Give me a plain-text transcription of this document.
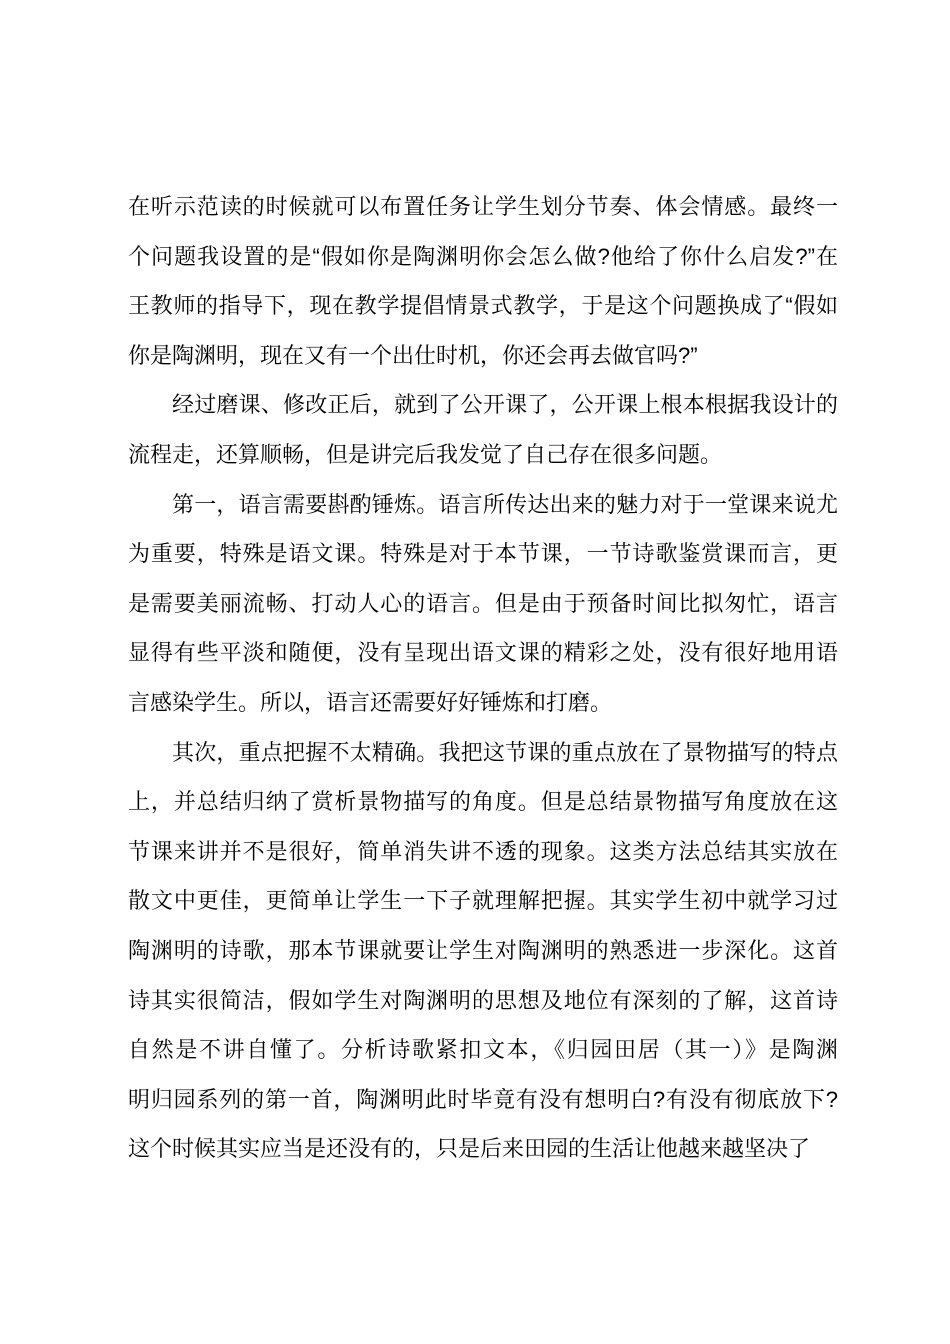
在听示范读的时候就可以布置任务让学生划分节奏、体会情感。最终一
个问题我设置的是“假如你是陶渊明你会怎么做?他给了你什么启发?”在
王教师的指导下，现在教学提倡情景式教学，于是这个问题换成了“假如
你是陶渊明，现在又有一个出仕时机，你还会再去做官吗?”
经过磨课、修改正后，就到了公开课了，公开课上根本根据我设计的
流程走，还算顺畅，但是讲完后我发觉了自己存在很多问题。
第一，语言需要斟酌锤炼。语言所传达出来的魅力对于一堂课来说尤
为重要，特殊是语文课。特殊是对于本节课，一节诗歌鉴赏课而言，更
是需要美丽流畅、打动人心的语言。但是由于预备时间比拟匆忙，语言
显得有些平淡和随便，没有呈现出语文课的精彩之处，没有很好地用语
言感染学生。所以，语言还需要好好锤炼和打磨。
其次，重点把握不太精确。我把这节课的重点放在了景物描写的特点
上，并总结归纳了赏析景物描写的角度。但是总结景物描写角度放在这
节课来讲并不是很好，简单消失讲不透的现象。这类方法总结其实放在
散文中更佳，更简单让学生一下子就理解把握。其实学生初中就学习过
陶渊明的诗歌，那本节课就要让学生对陶渊明的熟悉进一步深化。这首
诗其实很简洁，假如学生对陶渊明的思想及地位有深刻的了解，这首诗
自然是不讲自懂了。分析诗歌紧扣文本，《归园田居（其一）》是陶渊
明归园系列的第一首，陶渊明此时毕竟有没有想明白?有没有彻底放下?
这个时候其实应当是还没有的，只是后来田园的生活让他越来越坚决了
